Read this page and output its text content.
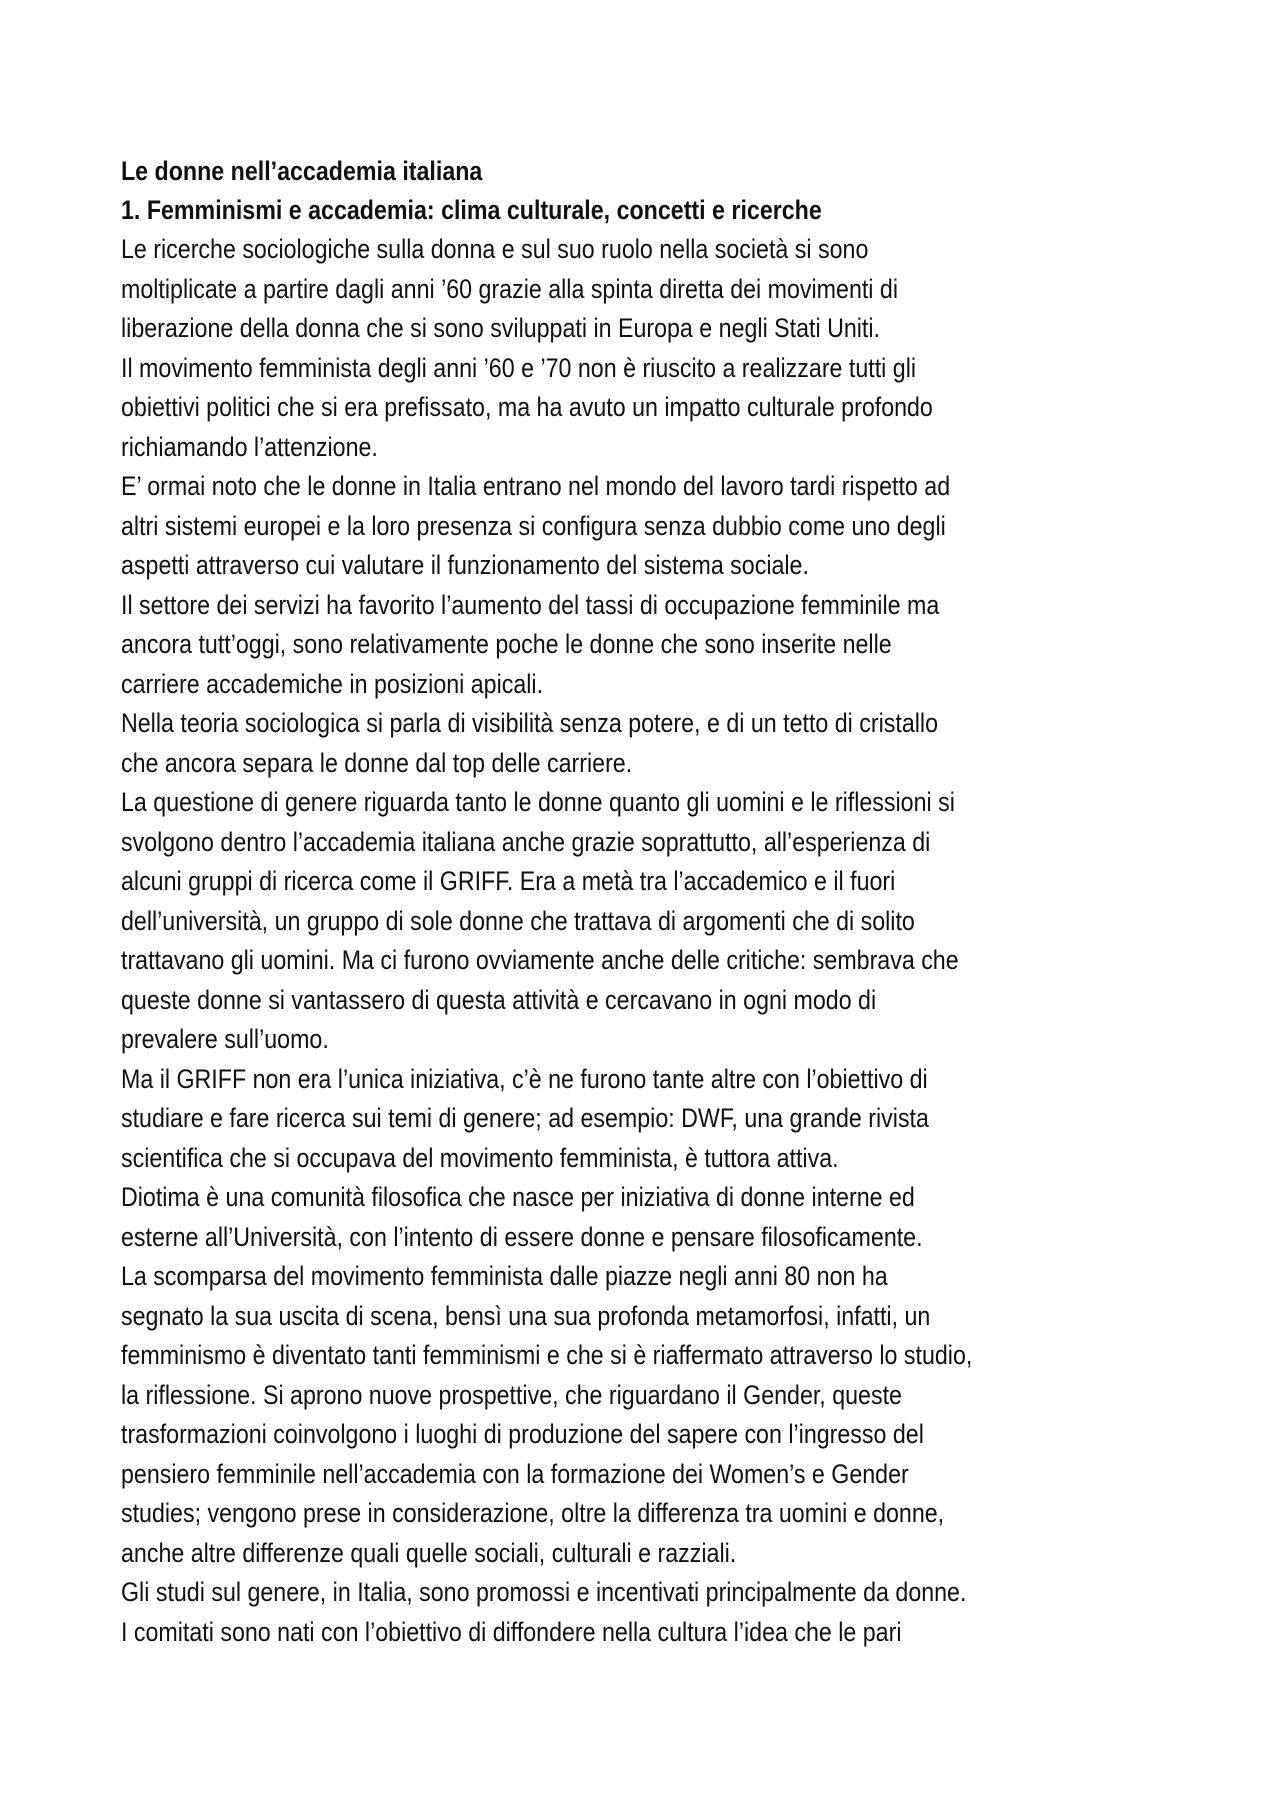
Le donne nell’accademia italiana
1. Femminismi e accademia: clima culturale, concetti e ricerche

Le ricerche sociologiche sulla donna e sul suo ruolo nella società si sono
moltiplicate a partire dagli anni ’60 grazie alla spinta diretta dei movimenti di
liberazione della donna che si sono sviluppati in Europa e negli Stati Uniti.

Il movimento femminista degli anni ’60 e ’70 non è riuscito a realizzare tutti gli
obiettivi politici che si era prefissato, ma ha avuto un impatto culturale profondo
richiamando l’attenzione.

E’ ormai noto che le donne in Italia entrano nel mondo del lavoro tardi rispetto ad
altri sistemi europei e la loro presenza si configura senza dubbio come uno degli
aspetti attraverso cui valutare il funzionamento del sistema sociale.

Il settore dei servizi ha favorito l’aumento del tassi di occupazione femminile ma
ancora tutt’oggi, sono relativamente poche le donne che sono inserite nelle
carriere accademiche in posizioni apicali.

Nella teoria sociologica si parla di visibilità senza potere, e di un tetto di cristallo
che ancora separa le donne dal top delle carriere.

La questione di genere riguarda tanto le donne quanto gli uomini e le riflessioni si
svolgono dentro l’accademia italiana anche grazie soprattutto, all’esperienza di
alcuni gruppi di ricerca come il GRIFF. Era a metà tra l’accademico e il fuori
dell’università, un gruppo di sole donne che trattava di argomenti che di solito
trattavano gli uomini. Ma ci furono ovviamente anche delle critiche: sembrava che
queste donne si vantassero di questa attività e cercavano in ogni modo di
prevalere sull’uomo.

Ma il GRIFF non era l’unica iniziativa, c’è ne furono tante altre con l’obiettivo di
studiare e fare ricerca sui temi di genere; ad esempio: DWF, una grande rivista
scientifica che si occupava del movimento femminista, è tuttora attiva.

Diotima è una comunità filosofica che nasce per iniziativa di donne interne ed
esterne all’Università, con l’intento di essere donne e pensare filosoficamente.

La scomparsa del movimento femminista dalle piazze negli anni 80 non ha
segnato la sua uscita di scena, bensì una sua profonda metamorfosi, infatti, un
femminismo è diventato tanti femminismi e che si è riaffermato attraverso lo studio,
la riflessione. Si aprono nuove prospettive, che riguardano il Gender, queste
trasformazioni coinvolgono i luoghi di produzione del sapere con l’ingresso del
pensiero femminile nell’accademia con la formazione dei Women’s e Gender
studies; vengono prese in considerazione, oltre la differenza tra uomini e donne,
anche altre differenze quali quelle sociali, culturali e razziali.

Gli studi sul genere, in Italia, sono promossi e incentivati principalmente da donne.
I comitati sono nati con l’obiettivo di diffondere nella cultura l’idea che le pari
